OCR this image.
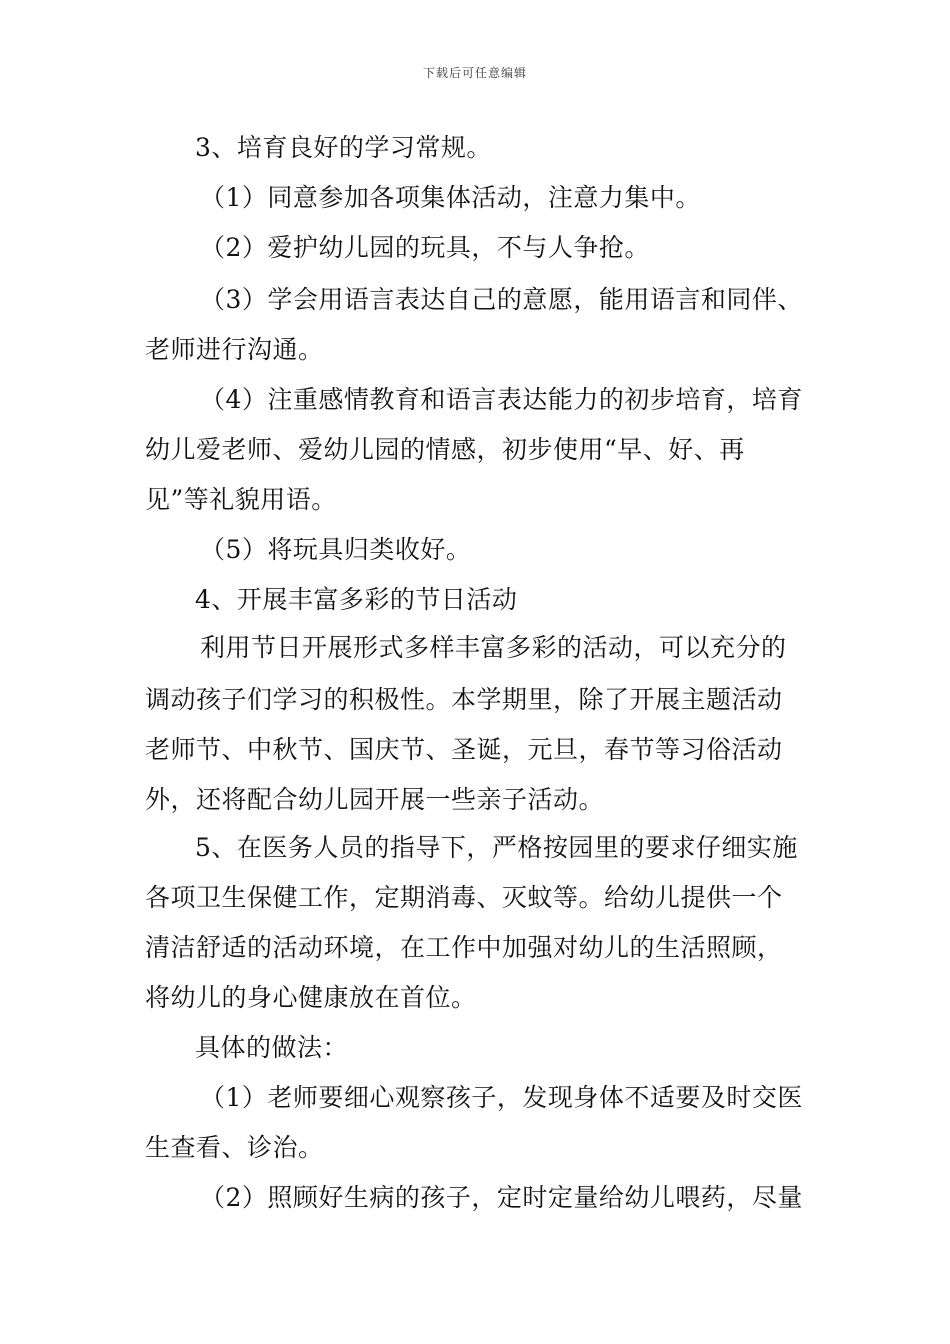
下载后可任意编辑
3、培育良好的学习常规。
（1）同意参加各项集体活动，注意力集中。
（2）爱护幼儿园的玩具，不与人争抢。
（3）学会用语言表达自己的意愿，能用语言和同伴、
老师进行沟通。
（4）注重感情教育和语言表达能力的初步培育，培育
幼儿爱老师、爱幼儿园的情感，初步使用“早、好、再
见”等礼貌用语。
（5）将玩具归类收好。
4、开展丰富多彩的节日活动
利用节日开展形式多样丰富多彩的活动，可以充分的
调动孩子们学习的积极性。本学期里，除了开展主题活动
老师节、中秋节、国庆节、圣诞，元旦，春节等习俗活动
外，还将配合幼儿园开展一些亲子活动。
5、在医务人员的指导下，严格按园里的要求仔细实施
各项卫生保健工作，定期消毒、灭蚊等。给幼儿提供一个
清洁舒适的活动环境，在工作中加强对幼儿的生活照顾，
将幼儿的身心健康放在首位。
具体的做法：
（1）老师要细心观察孩子，发现身体不适要及时交医
生查看、诊治。
（2）照顾好生病的孩子，定时定量给幼儿喂药，尽量
